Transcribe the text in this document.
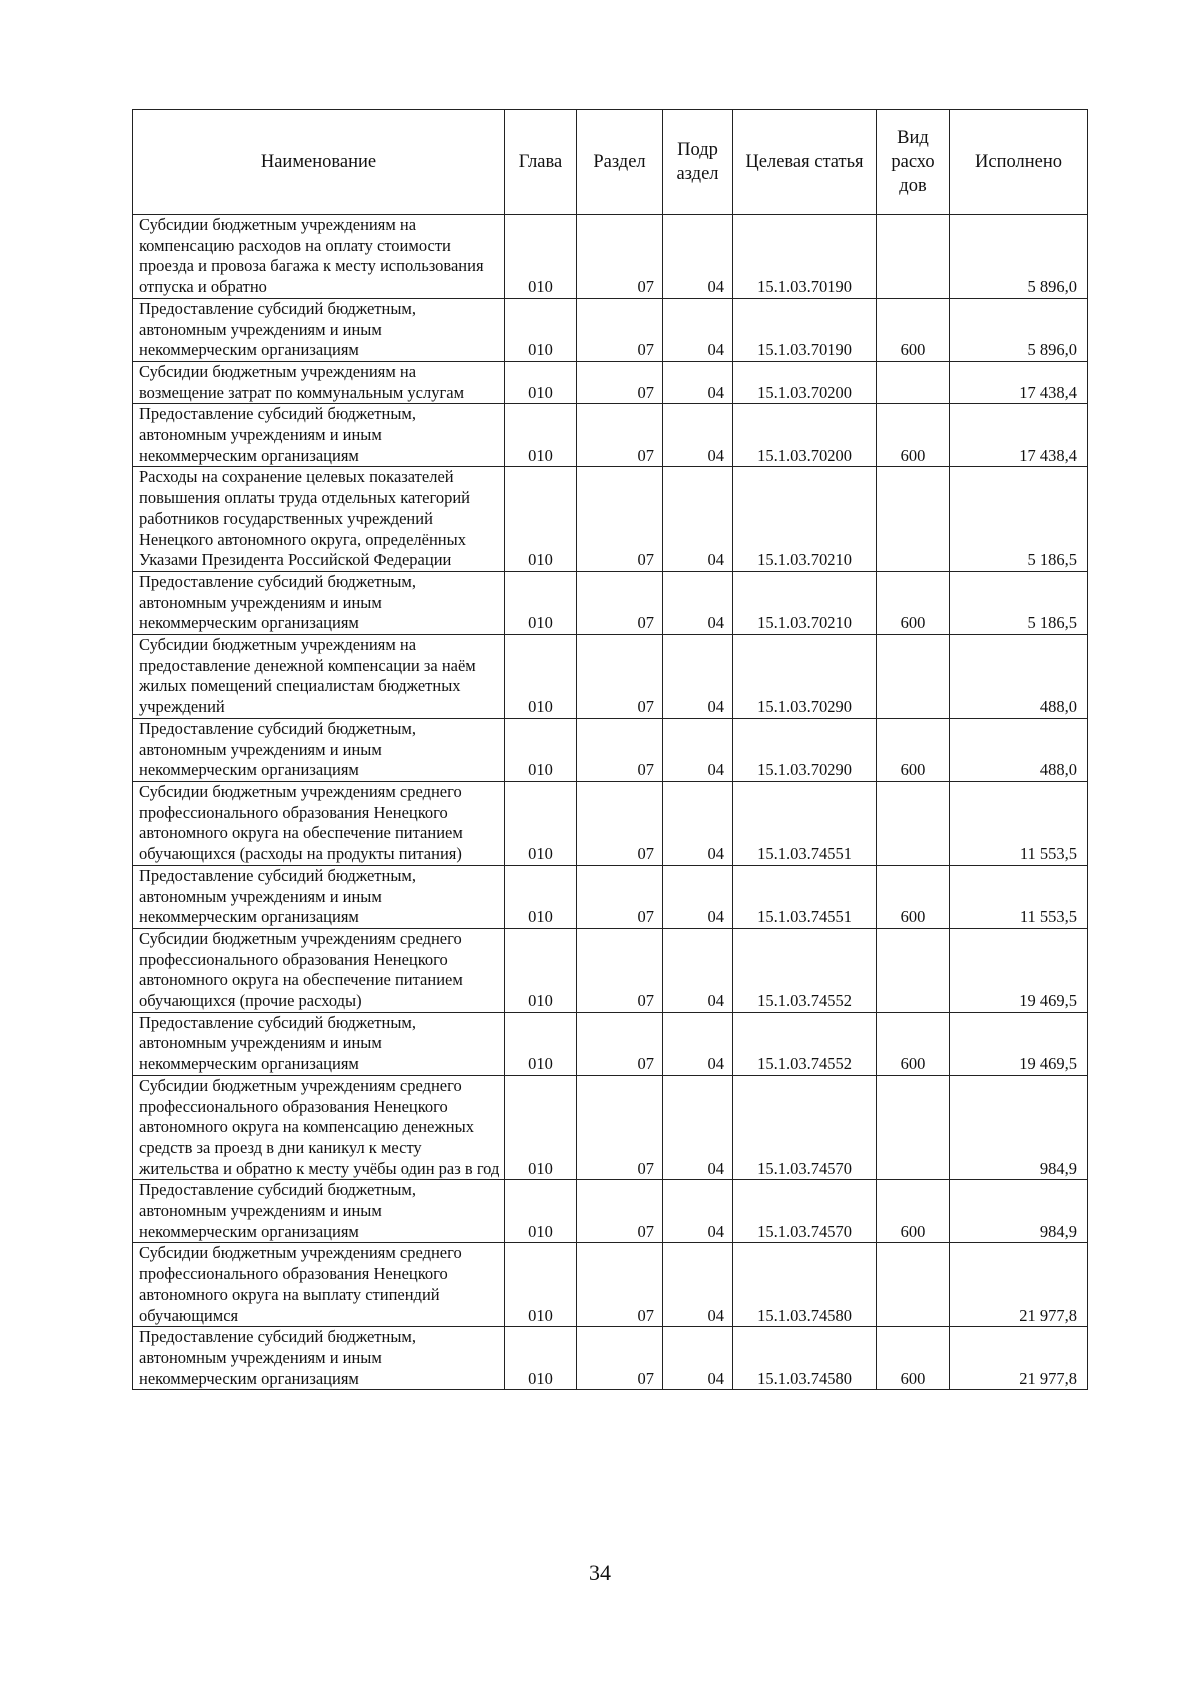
Наименование	Глава	Раздел	Подр аздел	Целевая статья	Вид расхо дов	Исполнено
Субсидии бюджетным учреждениям на компенсацию расходов на оплату стоимости проезда и провоза багажа к месту использования отпуска и обратно	010	07	04	15.1.03.70190		5 896,0
Предоставление субсидий бюджетным, автономным учреждениям и иным некоммерческим организациям	010	07	04	15.1.03.70190	600	5 896,0
Субсидии бюджетным учреждениям на возмещение затрат по коммунальным услугам	010	07	04	15.1.03.70200		17 438,4
Предоставление субсидий бюджетным, автономным учреждениям и иным некоммерческим организациям	010	07	04	15.1.03.70200	600	17 438,4
Расходы на сохранение целевых показателей повышения оплаты труда отдельных категорий работников государственных учреждений Ненецкого автономного округа, определённых Указами Президента Российской Федерации	010	07	04	15.1.03.70210		5 186,5
Предоставление субсидий бюджетным, автономным учреждениям и иным некоммерческим организациям	010	07	04	15.1.03.70210	600	5 186,5
Субсидии бюджетным учреждениям на предоставление денежной компенсации за наём жилых помещений специалистам бюджетных учреждений	010	07	04	15.1.03.70290		488,0
Предоставление субсидий бюджетным, автономным учреждениям и иным некоммерческим организациям	010	07	04	15.1.03.70290	600	488,0
Субсидии бюджетным учреждениям среднего профессионального образования Ненецкого автономного округа на обеспечение питанием обучающихся (расходы на продукты питания)	010	07	04	15.1.03.74551		11 553,5
Предоставление субсидий бюджетным, автономным учреждениям и иным некоммерческим организациям	010	07	04	15.1.03.74551	600	11 553,5
Субсидии бюджетным учреждениям среднего профессионального образования Ненецкого автономного округа на обеспечение питанием обучающихся (прочие расходы)	010	07	04	15.1.03.74552		19 469,5
Предоставление субсидий бюджетным, автономным учреждениям и иным некоммерческим организациям	010	07	04	15.1.03.74552	600	19 469,5
Субсидии бюджетным учреждениям среднего профессионального образования Ненецкого автономного округа на компенсацию денежных средств за проезд в дни каникул к месту жительства и обратно к месту учёбы один раз в год	010	07	04	15.1.03.74570		984,9
Предоставление субсидий бюджетным, автономным учреждениям и иным некоммерческим организациям	010	07	04	15.1.03.74570	600	984,9
Субсидии бюджетным учреждениям среднего профессионального образования Ненецкого автономного округа на выплату стипендий обучающимся	010	07	04	15.1.03.74580		21 977,8
Предоставление субсидий бюджетным, автономным учреждениям и иным некоммерческим организациям	010	07	04	15.1.03.74580	600	21 977,8
34
